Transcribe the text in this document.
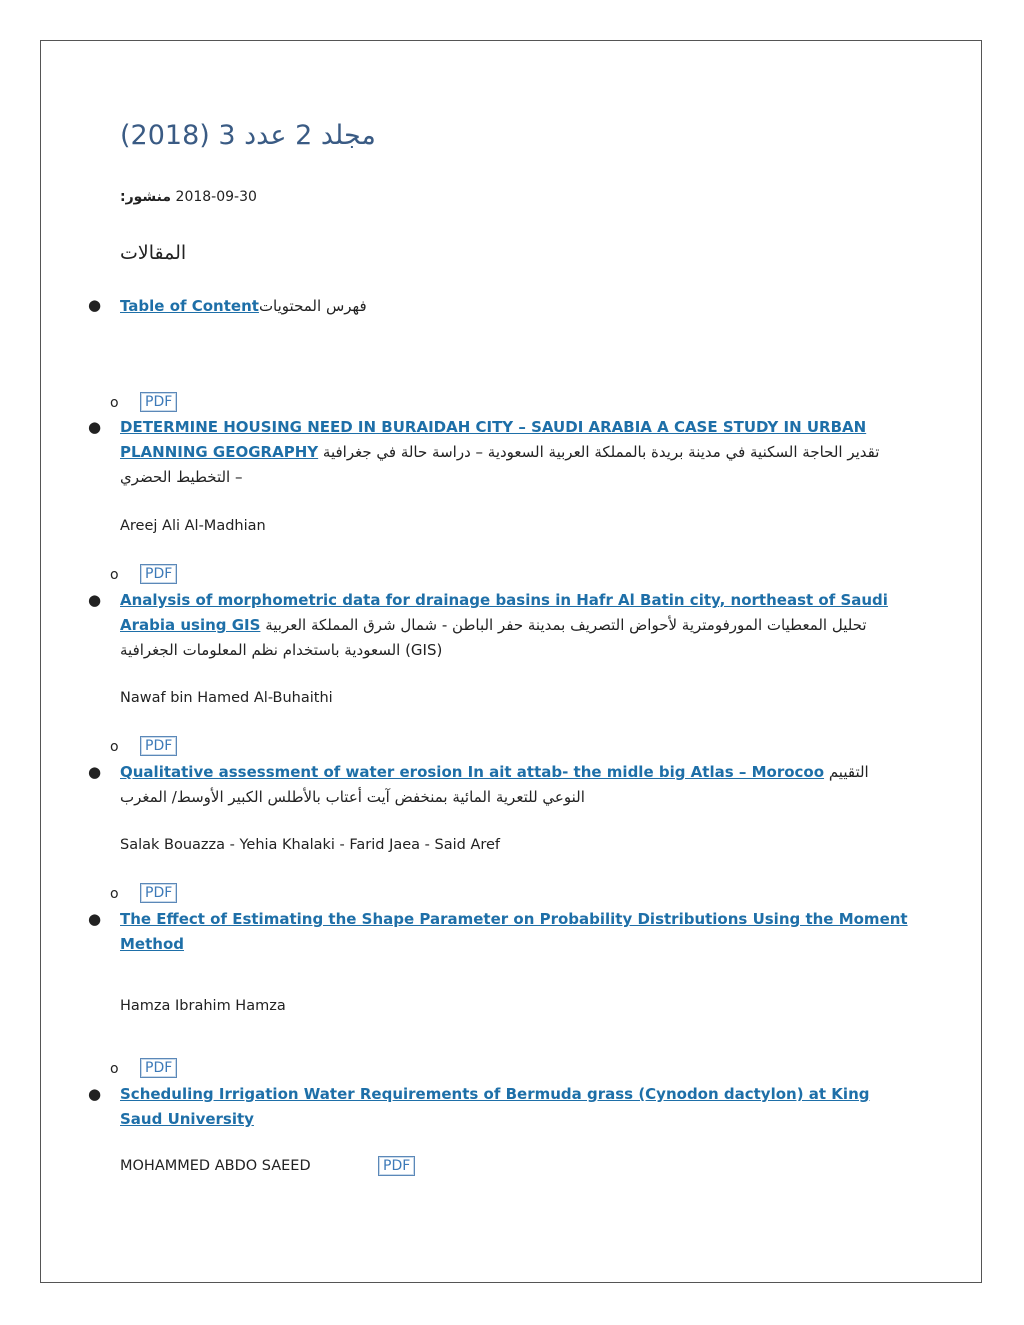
مجلد 2 عدد 3 (2018)
منشور: 2018-09-30
المقالات
● Table of Contentفهرس المحتويات
o	PDF
● DETERMINE HOUSING NEED IN BURAIDAH CITY – SAUDI ARABIA A CASE STUDY IN URBAN PLANNING GEOGRAPHY تقدير الحاجة السكنية في مدينة بريدة بالمملكة العربية السعودية – دراسة حالة في جغرافية التخطيط الحضري –
Areej Ali Al-Madhian
o	PDF
● Analysis of morphometric data for drainage basins in Hafr Al Batin city, northeast of Saudi Arabia using GIS تحليل المعطيات المورفومترية لأحواض التصريف بمدينة حفر الباطن - شمال شرق المملكة العربية السعودية باستخدام نظم المعلومات الجغرافية (GIS)
Nawaf bin Hamed Al-Buhaithi
o	PDF
● Qualitative assessment of water erosion In ait attab- the midle big Atlas – Morocoo التقييم النوعي للتعرية المائية بمنخفض آيت أعتاب بالأطلس الكبير الأوسط/ المغرب
Salak Bouazza - Yehia Khalaki - Farid Jaea - Said Aref
o	PDF
● The Effect of Estimating the Shape Parameter on Probability Distributions Using the Moment Method
Hamza Ibrahim Hamza
o	PDF
● Scheduling Irrigation Water Requirements of Bermuda grass (Cynodon dactylon) at King Saud University
MOHAMMED ABDO SAEED	PDF
